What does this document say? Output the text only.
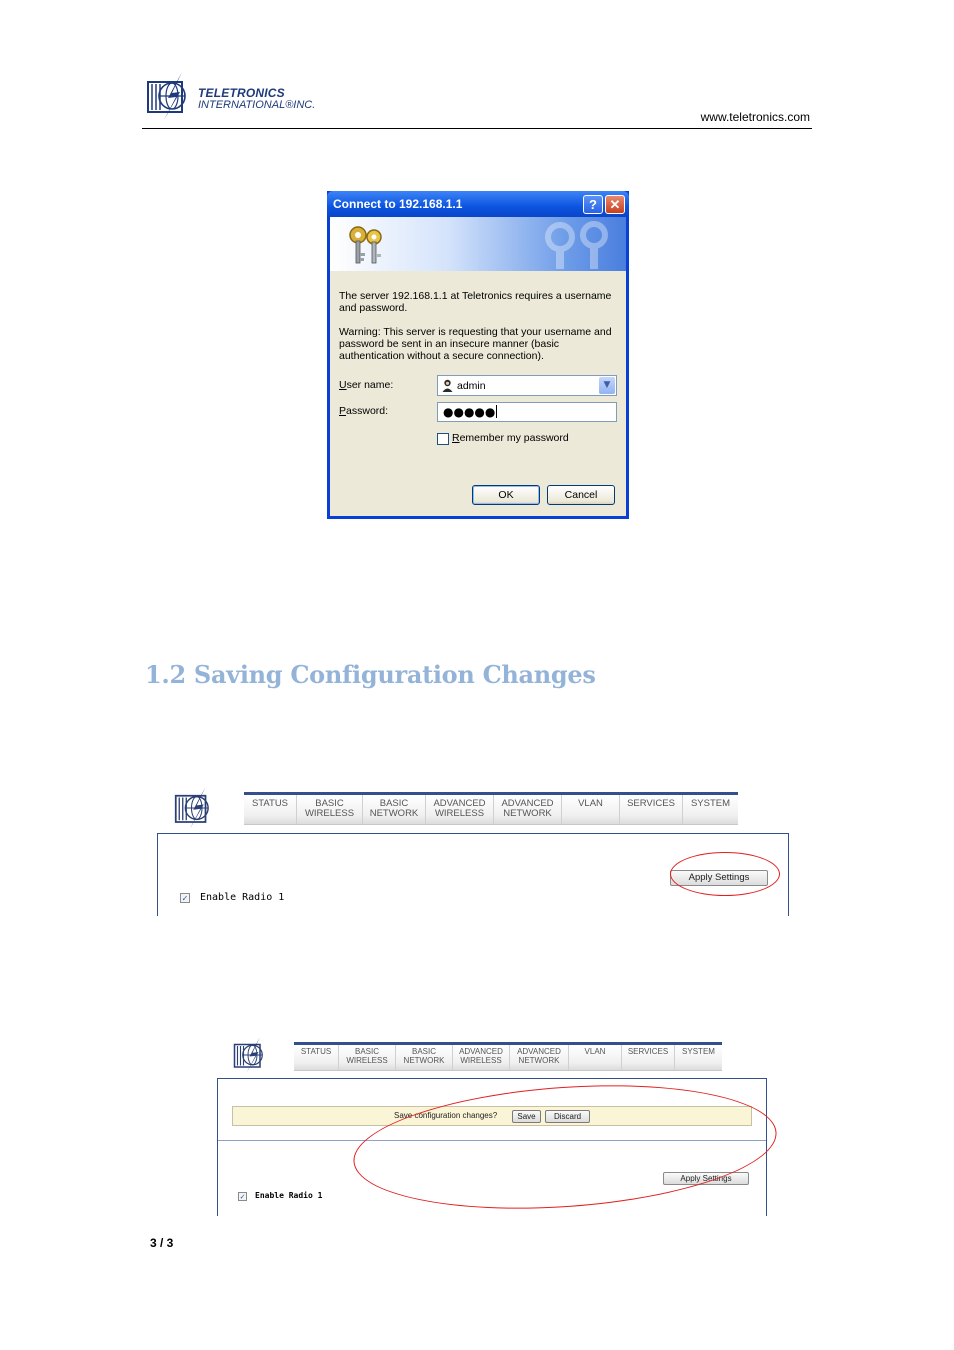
TELETRONICS
INTERNATIONAL®INC.
www.teletronics.com
Connect to 192.168.1.1	? ✕
The server 192.168.1.1 at Teletronics requires a username and password.
Warning: This server is requesting that your username and password be sent in an insecure manner (basic authentication without a secure connection).
User name:	admin	▼
Password:	●●●●●
Remember my password
OK	Cancel
1.2 Saving Configuration Changes
STATUS	BASIC
WIRELESS
BASIC
NETWORK
ADVANCED
WIRELESS
ADVANCED
NETWORK
VLAN	SERVICES	SYSTEM
Apply Settings
✓ Enable Radio 1
STATUS	BASIC
WIRELESS
BASIC
NETWORK
ADVANCED
WIRELESS
ADVANCED
NETWORK
VLAN	SERVICES	SYSTEM
Save configuration changes?	Save	Discard
Apply Settings
✓ Enable Radio 1
3 / 3
